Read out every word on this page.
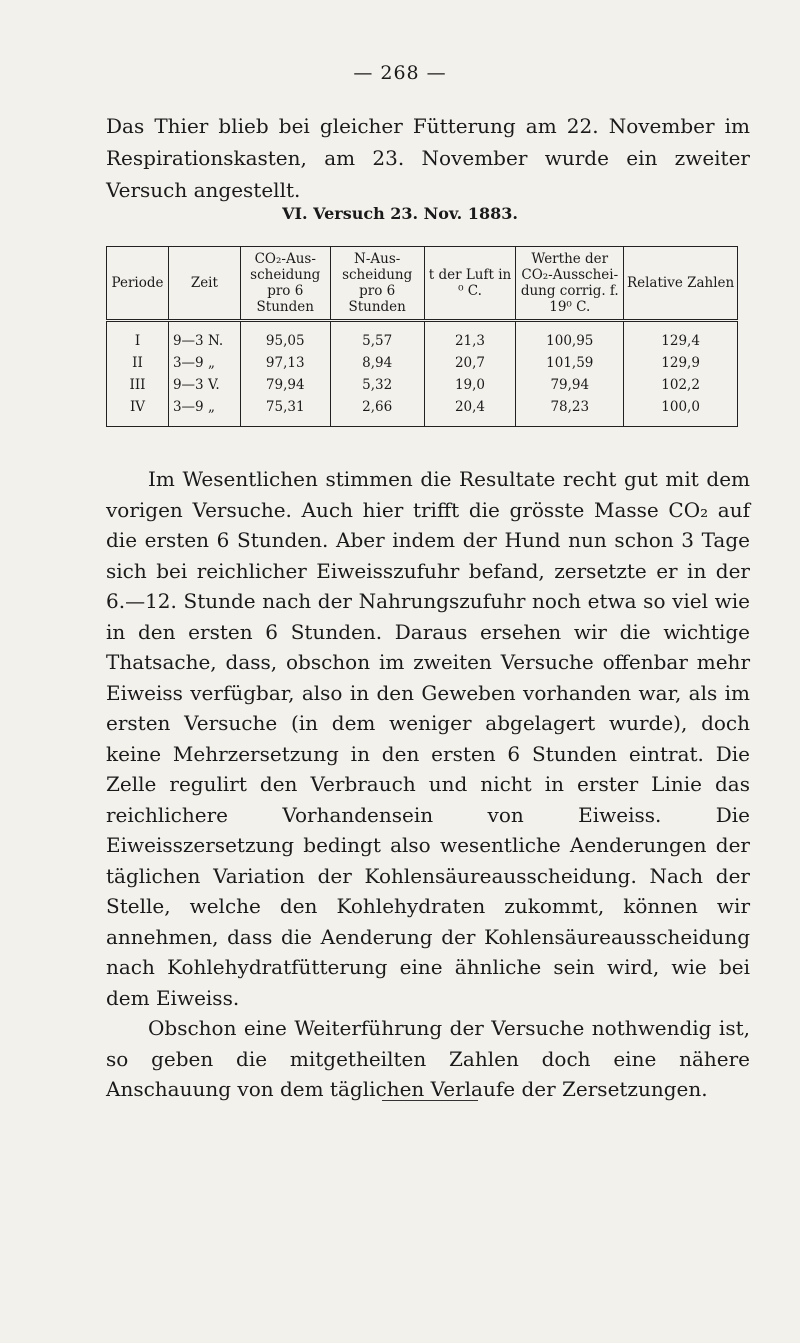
— 268 —
Das Thier blieb bei gleicher Fütterung am 22. November im Respirationskasten, am 23. November wurde ein zweiter Versuch angestellt.
VI. Versuch 23. Nov. 1883.
Periode	Zeit	CO₂-Aus-scheidung pro 6 Stunden	N-Aus-scheidung pro 6 Stunden	t der Luft in ⁰ C.	Werthe der CO₂-Ausschei-dung corrig. f. 19⁰ C.	Relative Zahlen
I	9—3 N.	95,05	5,57	21,3	100,95	129,4
II	3—9 „	97,13	8,94	20,7	101,59	129,9
III	9—3 V.	79,94	5,32	19,0	79,94	102,2
IV	3—9 „	75,31	2,66	20,4	78,23	100,0

Im Wesentlichen stimmen die Resultate recht gut mit dem vorigen Versuche. Auch hier trifft die grösste Masse CO₂ auf die ersten 6 Stunden. Aber indem der Hund nun schon 3 Tage sich bei reichlicher Eiweisszufuhr befand, zersetzte er in der 6.—12. Stunde nach der Nahrungszufuhr noch etwa so viel wie in den ersten 6 Stunden. Daraus ersehen wir die wichtige Thatsache, dass, obschon im zweiten Versuche offenbar mehr Eiweiss verfügbar, also in den Geweben vorhanden war, als im ersten Versuche (in dem weniger abgelagert wurde), doch keine Mehrzersetzung in den ersten 6 Stunden eintrat. Die Zelle regulirt den Verbrauch und nicht in erster Linie das reichlichere Vorhandensein von Eiweiss. Die Eiweisszersetzung bedingt also wesentliche Aenderungen der täglichen Variation der Kohlensäureausscheidung. Nach der Stelle, welche den Kohlehydraten zukommt, können wir annehmen, dass die Aenderung der Kohlensäureausscheidung nach Kohlehydratfütterung eine ähnliche sein wird, wie bei dem Eiweiss.

Obschon eine Weiterführung der Versuche nothwendig ist, so geben die mitgetheilten Zahlen doch eine nähere Anschauung von dem täglichen Verlaufe der Zersetzungen.
